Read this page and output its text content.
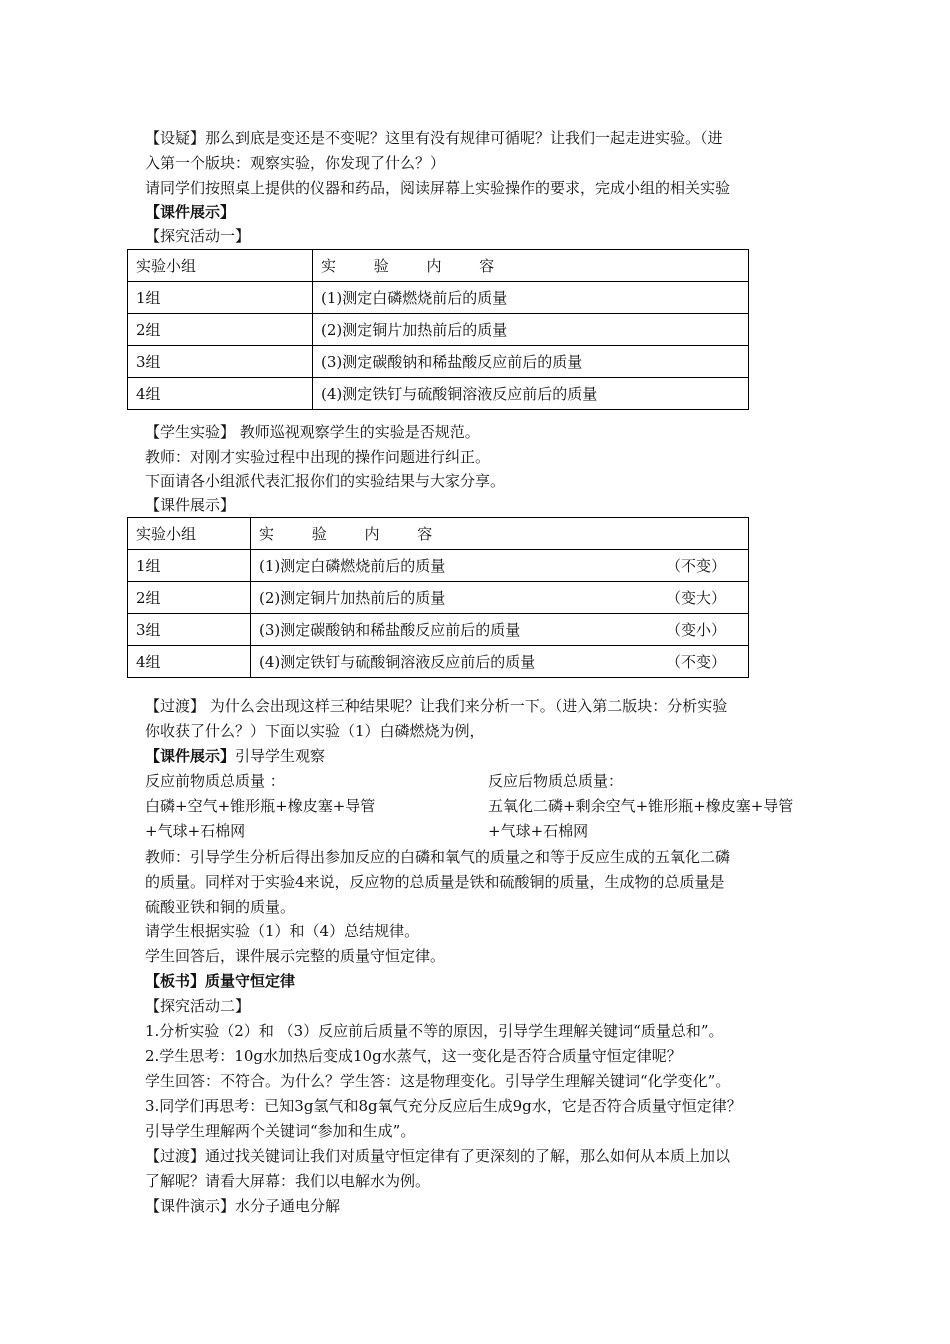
【设疑】那么到底是变还是不变呢？这里有没有规律可循呢？让我们一起走进实验。（进
入第一个版块：观察实验，你发现了什么？）
请同学们按照桌上提供的仪器和药品，阅读屏幕上实验操作的要求，完成小组的相关实验
【课件展示】
【探究活动一】
实验小组	实 验 内 容
1组	(1)测定白磷燃烧前后的质量
2组	(2)测定铜片加热前后的质量
3组	(3)测定碳酸钠和稀盐酸反应前后的质量
4组	(4)测定铁钉与硫酸铜溶液反应前后的质量
【学生实验】 教师巡视观察学生的实验是否规范。
教师：对刚才实验过程中出现的操作问题进行纠正。
下面请各小组派代表汇报你们的实验结果与大家分享。
【课件展示】
实验小组	实 验 内 容
1组	(1)测定白磷燃烧前后的质量 （不变）

2组	(2)测定铜片加热前后的质量 （变大）

3组	(3)测定碳酸钠和稀盐酸反应前后的质量 （变小）

4组	(4)测定铁钉与硫酸铜溶液反应前后的质量 （不变）
【过渡】 为什么会出现这样三种结果呢？让我们来分析一下。（进入第二版块：分析实验
你收获了什么？）下面以实验（1）白磷燃烧为例，
【课件展示】引导学生观察
反应前物质总质量 ：	反应后物质总质量：
白磷+空气+锥形瓶+橡皮塞+导管	五氧化二磷+剩余空气+锥形瓶+橡皮塞+导管
+气球+石棉网	+气球+石棉网
教师：引导学生分析后得出参加反应的白磷和氧气的质量之和等于反应生成的五氧化二磷
的质量。同样对于实验4来说，反应物的总质量是铁和硫酸铜的质量，生成物的总质量是
硫酸亚铁和铜的质量。
请学生根据实验（1）和（4）总结规律。
学生回答后，课件展示完整的质量守恒定律。
【板书】质量守恒定律
【探究活动二】
1.分析实验（2）和 （3）反应前后质量不等的原因，引导学生理解关键词“质量总和”。
2.学生思考：10g水加热后变成10g水蒸气，这一变化是否符合质量守恒定律呢？
学生回答：不符合。为什么？学生答：这是物理变化。引导学生理解关键词“化学变化”。
3.同学们再思考：已知3g氢气和8g氧气充分反应后生成9g水，它是否符合质量守恒定律？
引导学生理解两个关键词“参加和生成”。
【过渡】通过找关键词让我们对质量守恒定律有了更深刻的了解，那么如何从本质上加以
了解呢？请看大屏幕：我们以电解水为例。
【课件演示】水分子通电分解
